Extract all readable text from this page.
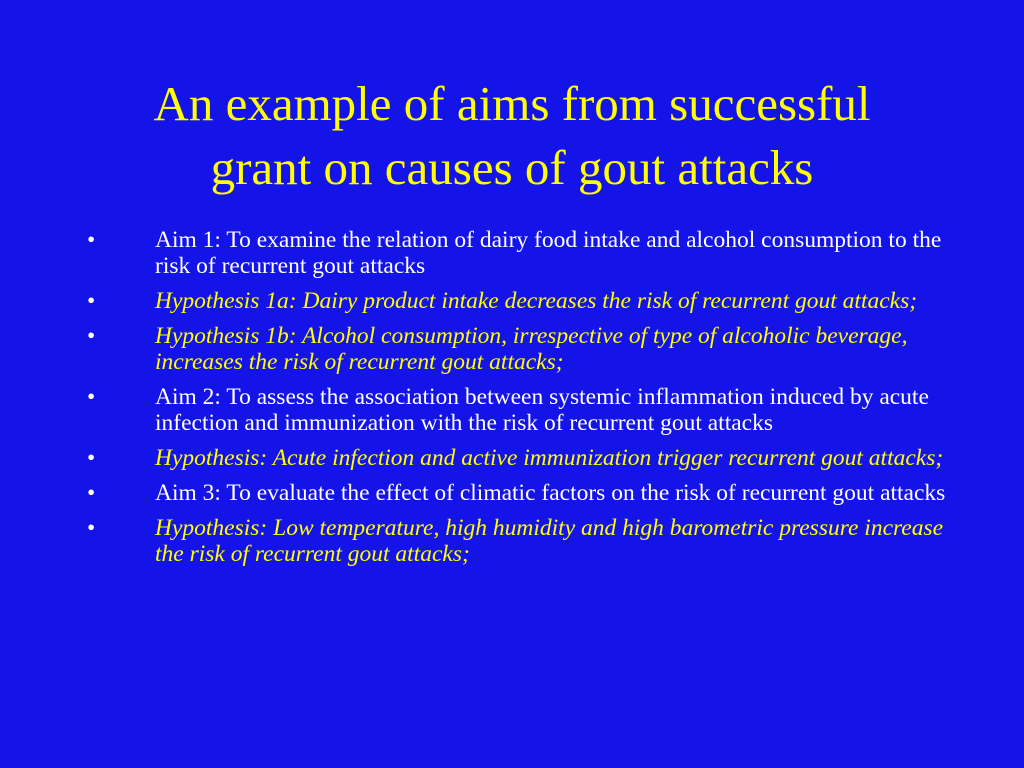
An example of aims from successful
grant on causes of gout attacks
•	Aim 1: To examine the relation of dairy food intake and alcohol consumption to the risk of recurrent gout attacks
•	Hypothesis 1a: Dairy product intake decreases the risk of recurrent gout attacks;
•	Hypothesis 1b: Alcohol consumption, irrespective of type of alcoholic beverage, increases the risk of recurrent gout attacks;
•	Aim 2: To assess the association between systemic inflammation induced by acute infection and immunization with the risk of recurrent gout attacks
•	Hypothesis: Acute infection and active immunization trigger recurrent gout attacks;
•	Aim 3: To evaluate the effect of climatic factors on the risk of recurrent gout attacks
•	Hypothesis: Low temperature, high humidity and high barometric pressure increase the risk of recurrent gout attacks;
